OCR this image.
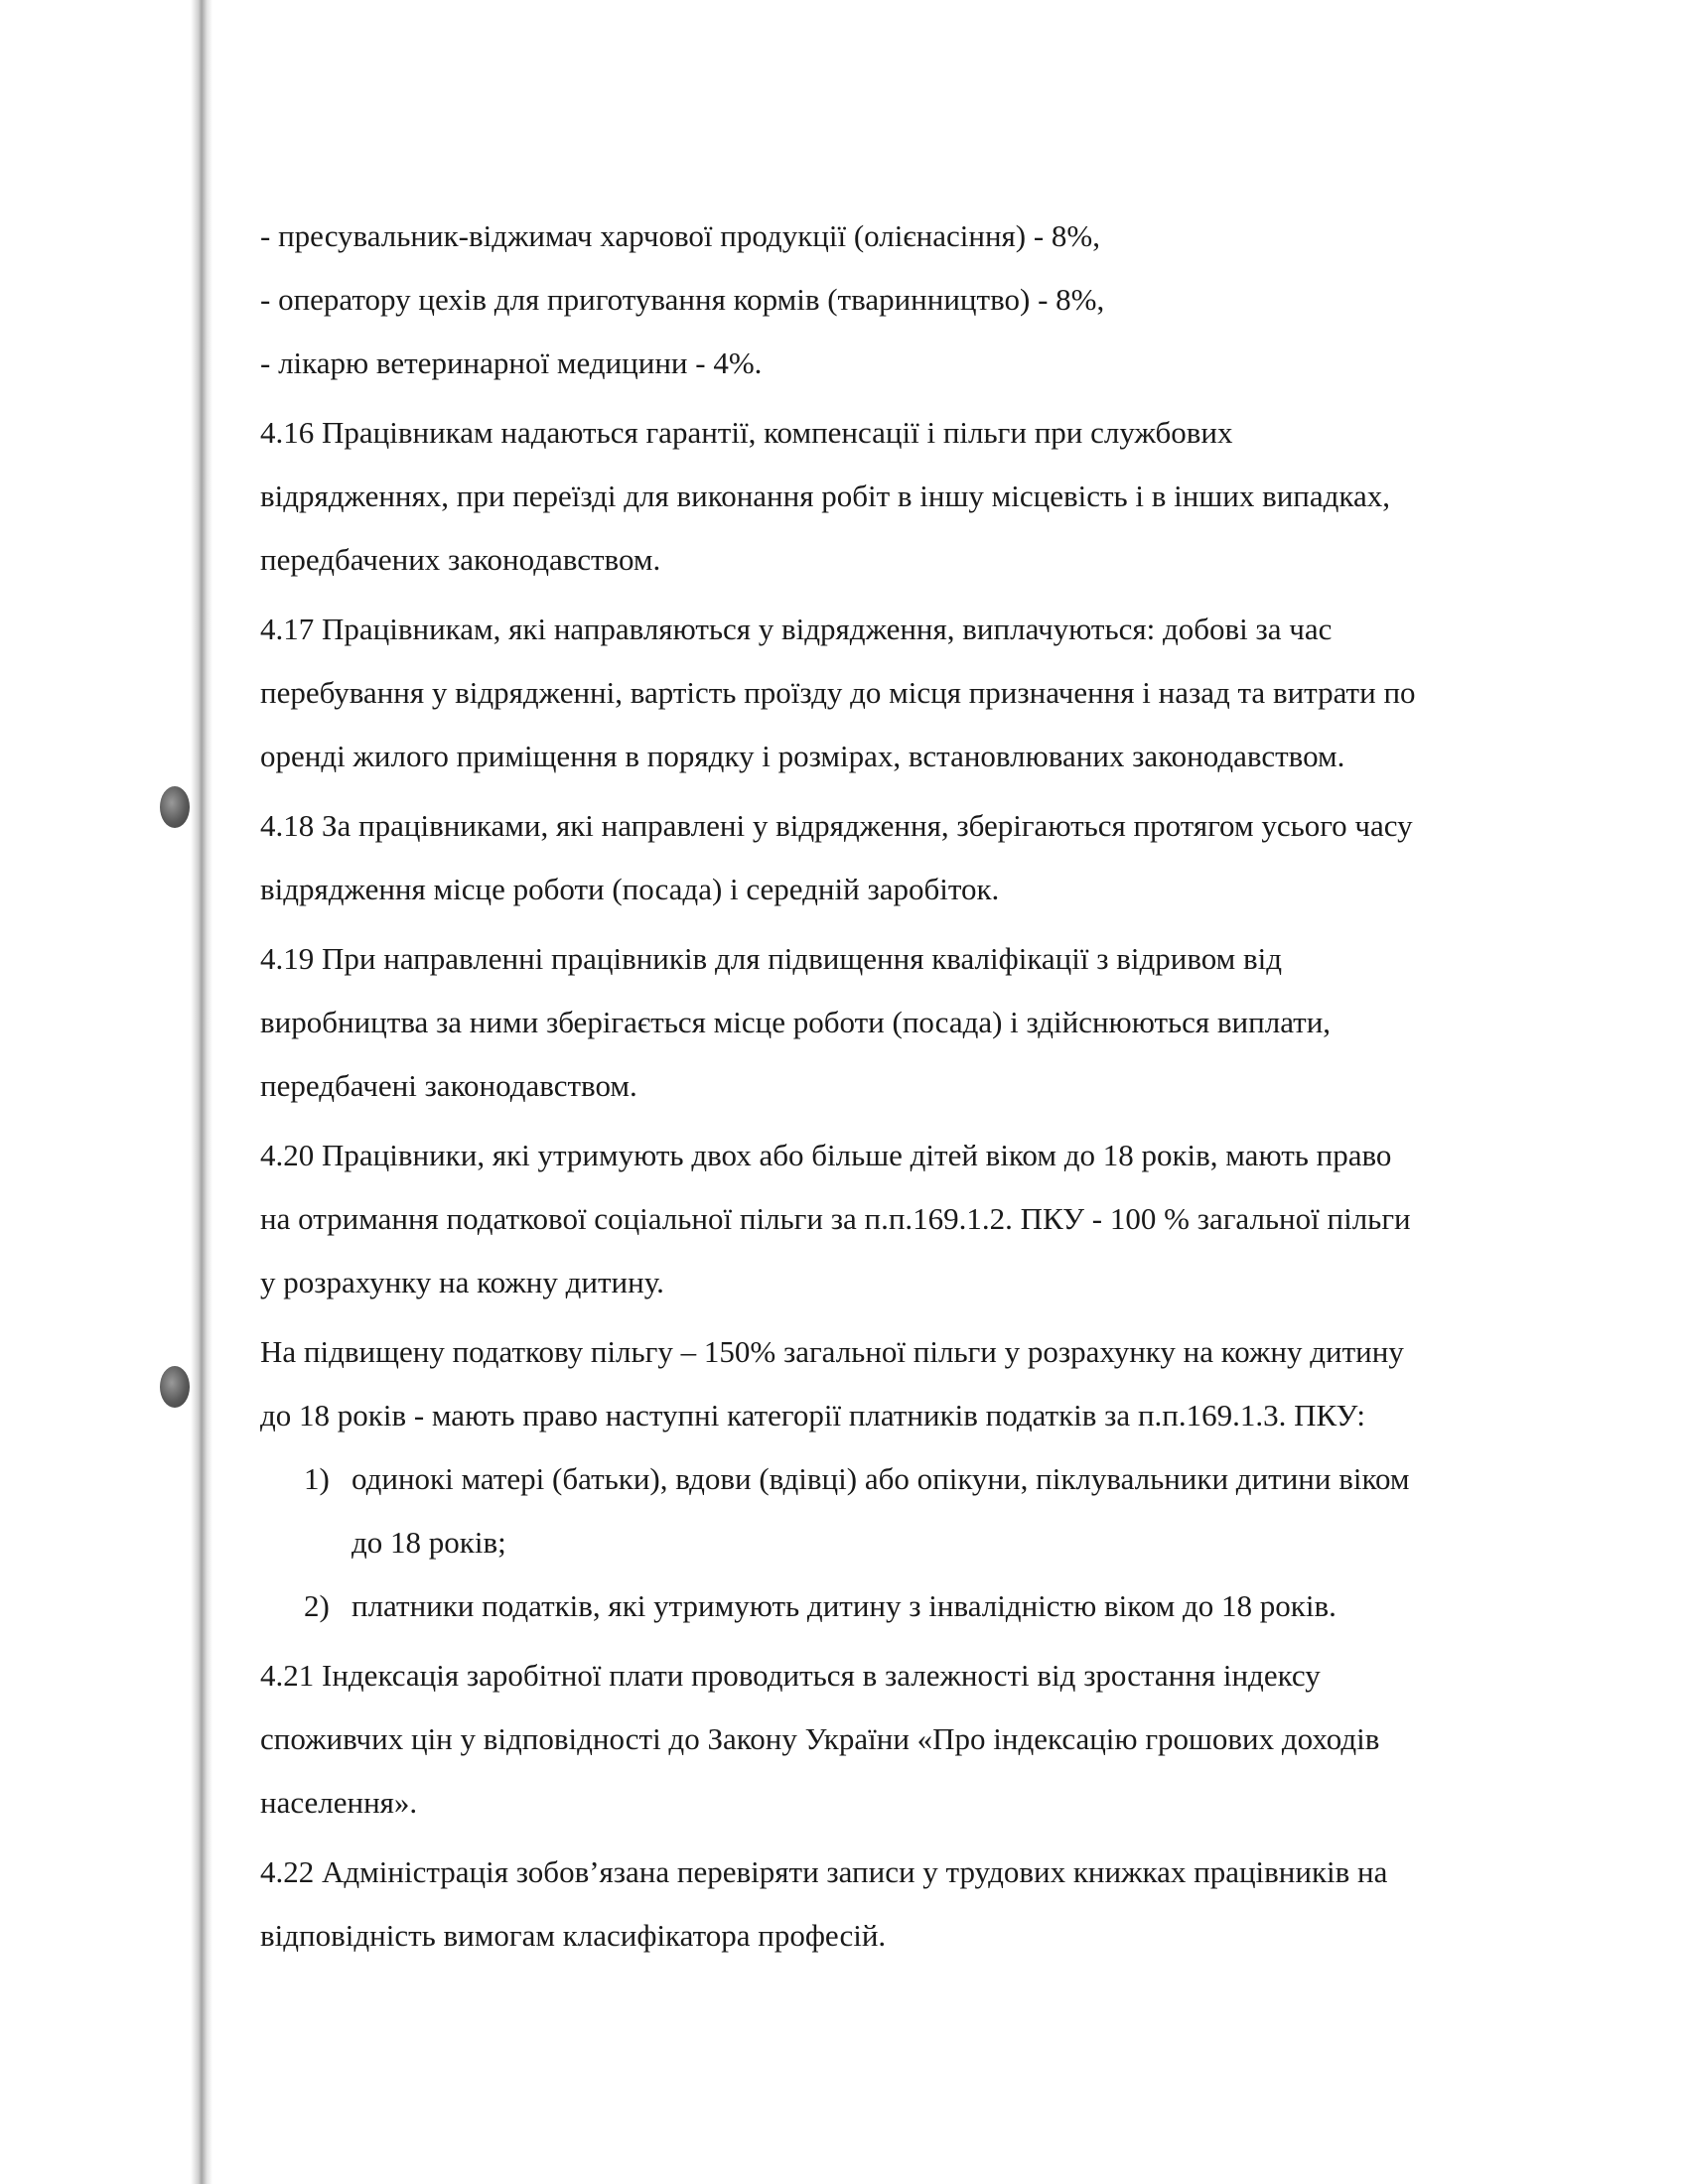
- пресувальник-віджимач харчової продукції (олієнасіння) - 8%,
- оператору цехів для приготування кормів (тваринництво) - 8%,
- лікарю ветеринарної медицини - 4%.
4.16 Працівникам надаються гарантії, компенсації і пільги при службових
відрядженнях, при переїзді для виконання робіт в іншу місцевість і в інших випадках,
передбачених законодавством.
4.17 Працівникам, які направляються у відрядження, виплачуються: добові за час
перебування у відрядженні, вартість проїзду до місця призначення і назад та витрати по
оренді жилого приміщення в порядку і розмірах, встановлюваних законодавством.
4.18 За працівниками, які направлені у відрядження, зберігаються протягом усього часу
відрядження місце роботи (посада) і середній заробіток.
4.19 При направленні працівників для підвищення кваліфікації з відривом від
виробництва за ними зберігається місце роботи (посада) і здійснюються виплати,
передбачені законодавством.
4.20 Працівники, які утримують двох або більше дітей віком до 18 років, мають право
на отримання податкової соціальної пільги за п.п.169.1.2. ПКУ - 100 % загальної пільги
у розрахунку на кожну дитину.
На підвищену податкову пільгу – 150% загальної пільги у розрахунку на кожну дитину
до 18 років - мають право наступні категорії платників податків за п.п.169.1.3. ПКУ:
1) одинокі матері (батьки), вдови (вдівці) або опікуни, піклувальники дитини віком
до 18 років;
2) платники податків, які утримують дитину з інвалідністю віком до 18 років.
4.21 Індексація заробітної плати проводиться в залежності від зростання індексу
споживчих цін у відповідності до Закону України «Про індексацію грошових доходів
населення».
4.22 Адміністрація зобов’язана перевіряти записи у трудових книжках працівників на
відповідність вимогам класифікатора професій.
